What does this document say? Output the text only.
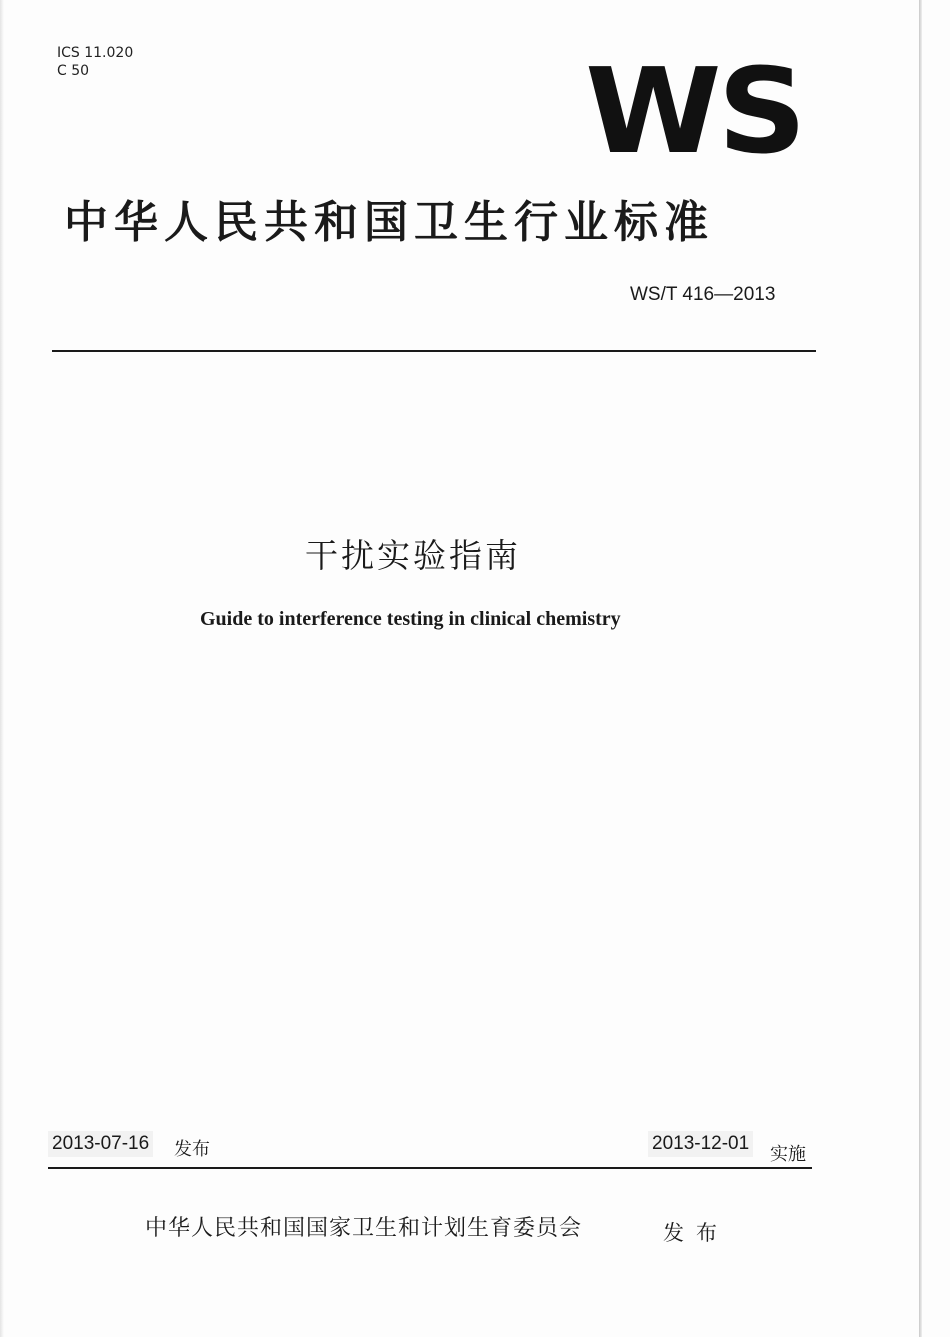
ICS 11.020
C 50	WS
中华人民共和国卫生行业标准
WS/T 416—2013
干扰实验指南
Guide to interference testing in clinical chemistry
2013-07-16 发布	2013-12-01
实施
中华人民共和国国家卫生和计划生育委员会	发布
